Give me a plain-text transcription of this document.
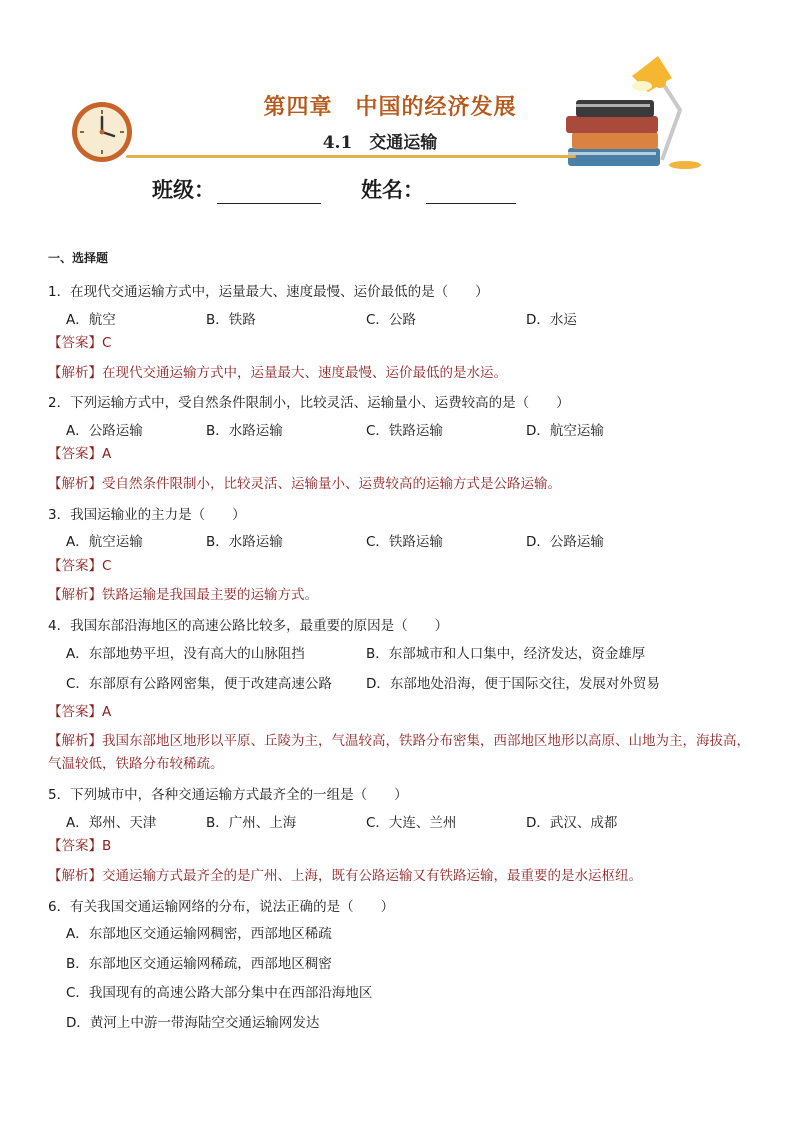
第四章　中国的经济发展
4.1　交通运输
班级：	姓名：
一、选择题
1．在现代交通运输方式中，运量最大、速度最慢、运价最低的是（　　）
A．航空	B．铁路	C．公路	D．水运
【答案】C
【解析】在现代交通运输方式中，运量最大、速度最慢、运价最低的是水运。
2．下列运输方式中，受自然条件限制小，比较灵活、运输量小、运费较高的是（　　）
A．公路运输	B．水路运输	C．铁路运输	D．航空运输
【答案】A
【解析】受自然条件限制小，比较灵活、运输量小、运费较高的运输方式是公路运输。
3．我国运输业的主力是（　　）
A．航空运输	B．水路运输	C．铁路运输	D．公路运输
【答案】C
【解析】铁路运输是我国最主要的运输方式。
4．我国东部沿海地区的高速公路比较多，最重要的原因是（　　）
A．东部地势平坦，没有高大的山脉阻挡	B．东部城市和人口集中，经济发达，资金雄厚
C．东部原有公路网密集，便于改建高速公路	D．东部地处沿海，便于国际交往，发展对外贸易
【答案】A
【解析】我国东部地区地形以平原、丘陵为主，气温较高，铁路分布密集，西部地区地形以高原、山地为主，海拔高，气温较低，铁路分布较稀疏。
5．下列城市中，各种交通运输方式最齐全的一组是（　　）
A．郑州、天津	B．广州、上海	C．大连、兰州	D．武汉、成都
【答案】B
【解析】交通运输方式最齐全的是广州、上海，既有公路运输又有铁路运输，最重要的是水运枢纽。
6．有关我国交通运输网络的分布，说法正确的是（　　）
A．东部地区交通运输网稠密，西部地区稀疏
B．东部地区交通运输网稀疏，西部地区稠密
C．我国现有的高速公路大部分集中在西部沿海地区
D．黄河上中游一带海陆空交通运输网发达
